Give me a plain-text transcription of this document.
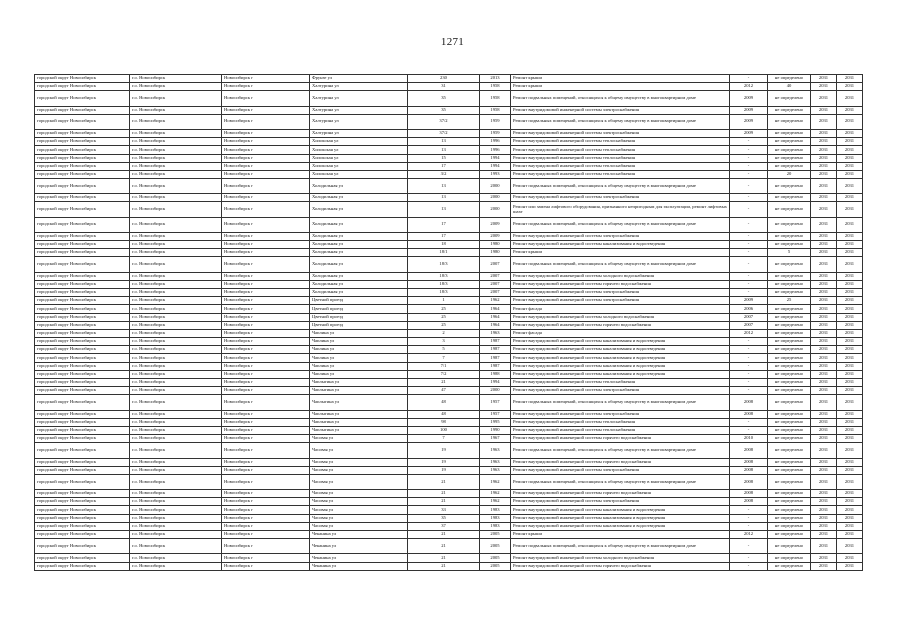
1271
городской округ Новосибирск	г.о. Новосибирск	Новосибирск г	Фрунзе ул	230	2013	Ремонт крыши	-	не определено	2031	2031
городской округ Новосибирск	г.о. Новосибирск	Новосибирск г	Халтурина ул	31	1958	Ремонт крыши	2012	40	2031	2031
городской округ Новосибирск	г.о. Новосибирск	Новосибирск г	Халтурина ул	35	1958	Ремонт подвальных помещений, относящихся к общему имуществу в многоквартирном доме	2009	не определено	2031	2031
городской округ Новосибирск	г.о. Новосибирск	Новосибирск г	Халтурина ул	35	1958	Ремонт внутридомовой инженерной системы электроснабжения	2009	не определено	2031	2031
городской округ Новосибирск	г.о. Новосибирск	Новосибирск г	Халтурина ул	37/2	1959	Ремонт подвальных помещений, относящихся к общему имуществу в многоквартирном доме	2009	не определено	2031	2031
городской округ Новосибирск	г.о. Новосибирск	Новосибирск г	Халтурина ул	37/2	1959	Ремонт внутридомовой инженерной системы электроснабжения	2009	не определено	2031	2031
городской округ Новосибирск	г.о. Новосибирск	Новосибирск г	Хилокская ул	13	1996	Ремонт внутридомовой инженерной системы теплоснабжения	-	не определено	2031	2031
городской округ Новосибирск	г.о. Новосибирск	Новосибирск г	Хилокская ул	13	1996	Ремонт внутридомовой инженерной системы теплоснабжения	-	не определено	2031	2031
городской округ Новосибирск	г.о. Новосибирск	Новосибирск г	Хилокская ул	15	1994	Ремонт внутридомовой инженерной системы теплоснабжения	-	не определено	2031	2031
городской округ Новосибирск	г.о. Новосибирск	Новосибирск г	Хилокская ул	17	1994	Ремонт внутридомовой инженерной системы теплоснабжения	-	не определено	2031	2031
городской округ Новосибирск	г.о. Новосибирск	Новосибирск г	Хилокская ул	3/2	1993	Ремонт внутридомовой инженерной системы теплоснабжения	-	20	2031	2031
городской округ Новосибирск	г.о. Новосибирск	Новосибирск г	Холодильная ул	13	2000	Ремонт подвальных помещений, относящихся к общему имуществу в многоквартирном доме	-	не определено	2031	2031
городской округ Новосибирск	г.о. Новосибирск	Новосибирск г	Холодильная ул	13	2000	Ремонт внутридомовой инженерной системы электроснабжения	-	не определено	2031	2031
городской округ Новосибирск	г.о. Новосибирск	Новосибирск г	Холодильная ул	13	2000	Ремонт или замена лифтового оборудования, признанного непригодным для эксплуатации, ремонт лифтовых шахт	-	не определено	2031	2031
городской округ Новосибирск	г.о. Новосибирск	Новосибирск г	Холодильная ул	17	2009	Ремонт подвальных помещений, относящихся к общему имуществу в многоквартирном доме	-	не определено	2031	2031
городской округ Новосибирск	г.о. Новосибирск	Новосибирск г	Холодильная ул	17	2009	Ремонт внутридомовой инженерной системы электроснабжения	-	не определено	2031	2031
городской округ Новосибирск	г.о. Новосибирск	Новосибирск г	Холодильная ул	18	1980	Ремонт внутридомовой инженерной системы канализования и водоотведения	-	не определено	2031	2031
городской округ Новосибирск	г.о. Новосибирск	Новосибирск г	Холодильная ул	18/1	1980	Ремонт крыши	-	5	2031	2031
городской округ Новосибирск	г.о. Новосибирск	Новосибирск г	Холодильная ул	18/3	2007	Ремонт подвальных помещений, относящихся к общему имуществу в многоквартирном доме	-	не определено	2031	2031
городской округ Новосибирск	г.о. Новосибирск	Новосибирск г	Холодильная ул	18/3	2007	Ремонт внутридомовой инженерной системы холодного водоснабжения	-	не определено	2031	2031
городской округ Новосибирск	г.о. Новосибирск	Новосибирск г	Холодильная ул	18/3	2007	Ремонт внутридомовой инженерной системы горячего водоснабжения	-	не определено	2031	2031
городской округ Новосибирск	г.о. Новосибирск	Новосибирск г	Холодильная ул	18/3	2007	Ремонт внутридомовой инженерной системы электроснабжения	-	не определено	2031	2031
городской округ Новосибирск	г.о. Новосибирск	Новосибирск г	Цветной проезд	1	1962	Ремонт внутридомовой инженерной системы электроснабжения	2009	25	2031	2031
городской округ Новосибирск	г.о. Новосибирск	Новосибирск г	Цветной проезд	25	1964	Ремонт фасада	2006	не определено	2031	2031
городской округ Новосибирск	г.о. Новосибирск	Новосибирск г	Цветной проезд	25	1964	Ремонт внутридомовой инженерной системы холодного водоснабжения	2007	не определено	2031	2031
городской округ Новосибирск	г.о. Новосибирск	Новосибирск г	Цветной проезд	25	1964	Ремонт внутридомовой инженерной системы горячего водоснабжения	2007	не определено	2031	2031
городской округ Новосибирск	г.о. Новосибирск	Новосибирск г	Чаплина ул	2	1963	Ремонт фасада	2012	не определено	2031	2031
городской округ Новосибирск	г.о. Новосибирск	Новосибирск г	Чаплина ул	3	1987	Ремонт внутридомовой инженерной системы канализования и водоотведения	-	не определено	2031	2031
городской округ Новосибирск	г.о. Новосибирск	Новосибирск г	Чаплина ул	5	1987	Ремонт внутридомовой инженерной системы канализования и водоотведения	-	не определено	2031	2031
городской округ Новосибирск	г.о. Новосибирск	Новосибирск г	Чаплина ул	7	1987	Ремонт внутридомовой инженерной системы канализования и водоотведения	-	не определено	2031	2031
городской округ Новосибирск	г.о. Новосибирск	Новосибирск г	Чаплина ул	7/1	1987	Ремонт внутридомовой инженерной системы канализования и водоотведения	-	не определено	2031	2031
городской округ Новосибирск	г.о. Новосибирск	Новосибирск г	Чаплина ул	7/2	1988	Ремонт внутридомовой инженерной системы канализования и водоотведения	-	не определено	2031	2031
городской округ Новосибирск	г.о. Новосибирск	Новосибирск г	Чаплыгина ул	21	1994	Ремонт внутридомовой инженерной системы теплоснабжения	-	не определено	2031	2031
городской округ Новосибирск	г.о. Новосибирск	Новосибирск г	Чаплыгина ул	47	2000	Ремонт внутридомовой инженерной системы электроснабжения	-	не определено	2031	2031
городской округ Новосибирск	г.о. Новосибирск	Новосибирск г	Чаплыгина ул	48	1957	Ремонт подвальных помещений, относящихся к общему имуществу в многоквартирном доме	2008	не определено	2031	2031
городской округ Новосибирск	г.о. Новосибирск	Новосибирск г	Чаплыгина ул	48	1957	Ремонт внутридомовой инженерной системы электроснабжения	2008	не определено	2031	2031
городской округ Новосибирск	г.о. Новосибирск	Новосибирск г	Чаплыгина ул	98	1995	Ремонт внутридомовой инженерной системы теплоснабжения	-	не определено	2031	2031
городской округ Новосибирск	г.о. Новосибирск	Новосибирск г	Чаплыгина ул	100	1990	Ремонт внутридомовой инженерной системы теплоснабжения	-	не определено	2031	2031
городской округ Новосибирск	г.о. Новосибирск	Новосибирск г	Часовая ул	7	1967	Ремонт внутридомовой инженерной системы горячего водоснабжения	2010	не определено	2031	2031
городской округ Новосибирск	г.о. Новосибирск	Новосибирск г	Часовая ул	19	1963	Ремонт подвальных помещений, относящихся к общему имуществу в многоквартирном доме	2008	не определено	2031	2031
городской округ Новосибирск	г.о. Новосибирск	Новосибирск г	Часовая ул	19	1963	Ремонт внутридомовой инженерной системы горячего водоснабжения	2008	не определено	2031	2031
городской округ Новосибирск	г.о. Новосибирск	Новосибирск г	Часовая ул	19	1963	Ремонт внутридомовой инженерной системы электроснабжения	2008	не определено	2031	2031
городской округ Новосибирск	г.о. Новосибирск	Новосибирск г	Часовая ул	21	1962	Ремонт подвальных помещений, относящихся к общему имуществу в многоквартирном доме	2008	не определено	2031	2031
городской округ Новосибирск	г.о. Новосибирск	Новосибирск г	Часовая ул	21	1962	Ремонт внутридомовой инженерной системы горячего водоснабжения	2008	не определено	2031	2031
городской округ Новосибирск	г.о. Новосибирск	Новосибирск г	Часовая ул	21	1962	Ремонт внутридомовой инженерной системы электроснабжения	2008	не определено	2031	2031
городской округ Новосибирск	г.о. Новосибирск	Новосибирск г	Часовая ул	33	1983	Ремонт внутридомовой инженерной системы канализования и водоотведения	-	не определено	2031	2031
городской округ Новосибирск	г.о. Новосибирск	Новосибирск г	Часовая ул	35	1983	Ремонт внутридомовой инженерной системы канализования и водоотведения	-	не определено	2031	2031
городской округ Новосибирск	г.о. Новосибирск	Новосибирск г	Часовая ул	37	1983	Ремонт внутридомовой инженерной системы канализования и водоотведения	-	не определено	2031	2031
городской округ Новосибирск	г.о. Новосибирск	Новосибирск г	Чеканина ул	21	2005	Ремонт крыши	2012	не определено	2031	2031
городской округ Новосибирск	г.о. Новосибирск	Новосибирск г	Чеканина ул	21	2005	Ремонт подвальных помещений, относящихся к общему имуществу в многоквартирном доме	-	не определено	2031	2031
городской округ Новосибирск	г.о. Новосибирск	Новосибирск г	Чеканина ул	21	2005	Ремонт внутридомовой инженерной системы холодного водоснабжения	-	не определено	2031	2031
городской округ Новосибирск	г.о. Новосибирск	Новосибирск г	Чеканина ул	21	2005	Ремонт внутридомовой инженерной системы горячего водоснабжения	-	не определено	2031	2031
